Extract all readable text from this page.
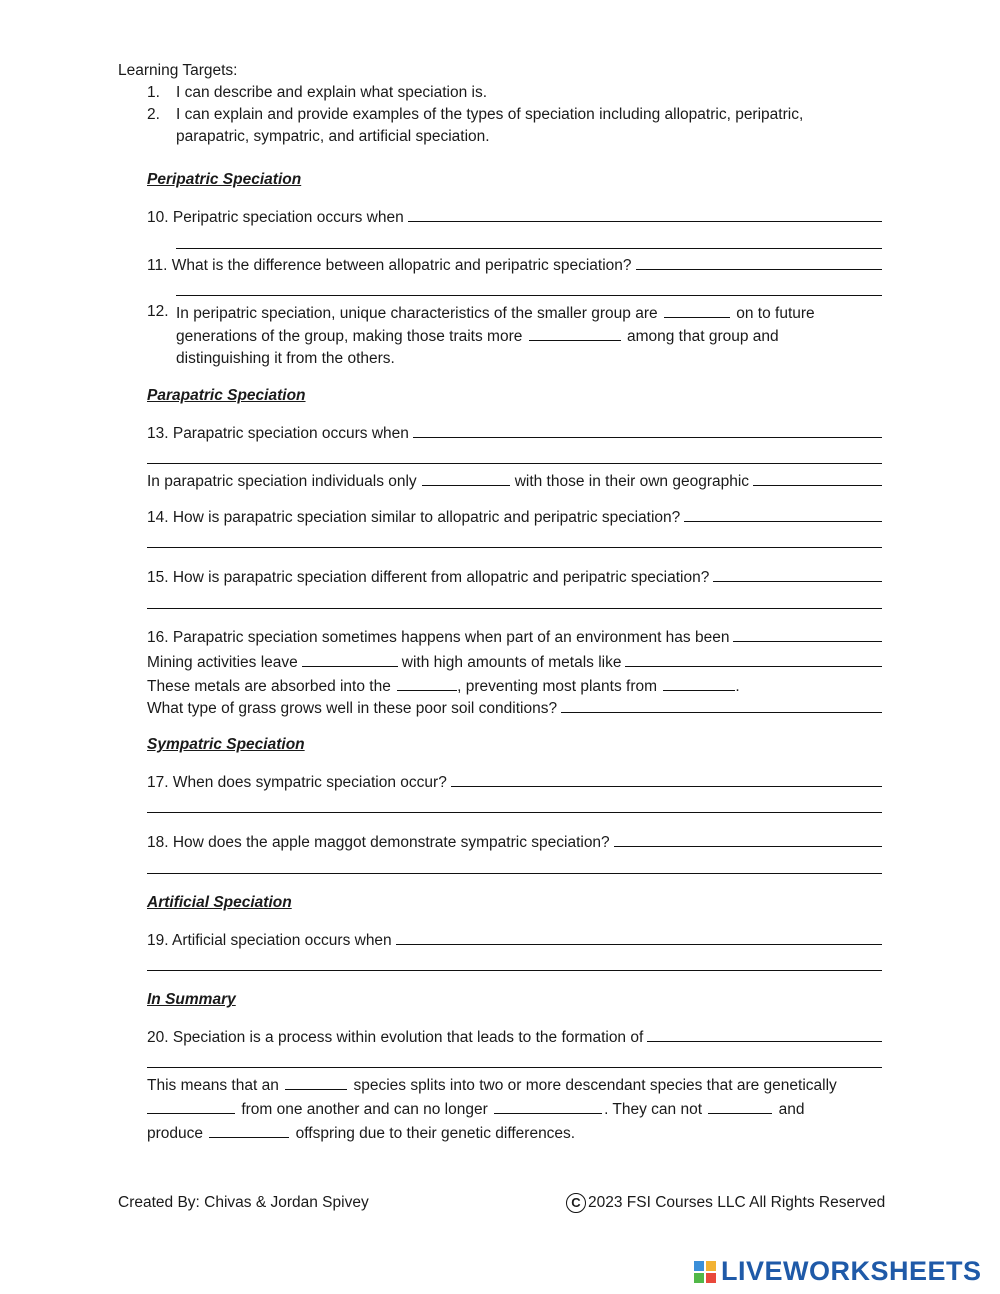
Learning Targets:
1. I can describe and explain what speciation is.
2. I can explain and provide examples of the types of speciation including allopatric, peripatric,
parapatric, sympatric, and artificial speciation.
Peripatric Speciation
10. Peripatric speciation occurs when
11. What is the difference between allopatric and peripatric speciation?
12. In peripatric speciation, unique characteristics of the smaller group are	on to future
generations of the group, making those traits more	among that group and
distinguishing it from the others.
Parapatric Speciation
13. Parapatric speciation occurs when
In parapatric speciation individuals only	with those in their own geographic
14. How is parapatric speciation similar to allopatric and peripatric speciation?
15. How is parapatric speciation different from allopatric and peripatric speciation?
16. Parapatric speciation sometimes happens when part of an environment has been
Mining activities leave	with high amounts of metals like
These metals are absorbed into the	, preventing most plants from	.
What type of grass grows well in these poor soil conditions?
Sympatric Speciation
17. When does sympatric speciation occur?
18. How does the apple maggot demonstrate sympatric speciation?
Artificial Speciation
19. Artificial speciation occurs when
In Summary
20. Speciation is a process within evolution that leads to the formation of
This means that an	species splits into two or more descendant species that are genetically
from one another and can no longer	. They can not	and
produce	offspring due to their genetic differences.
Created By: Chivas & Jordan Spivey	C 2023 FSI Courses LLC All Rights Reserved
LIVEWORKSHEETS
